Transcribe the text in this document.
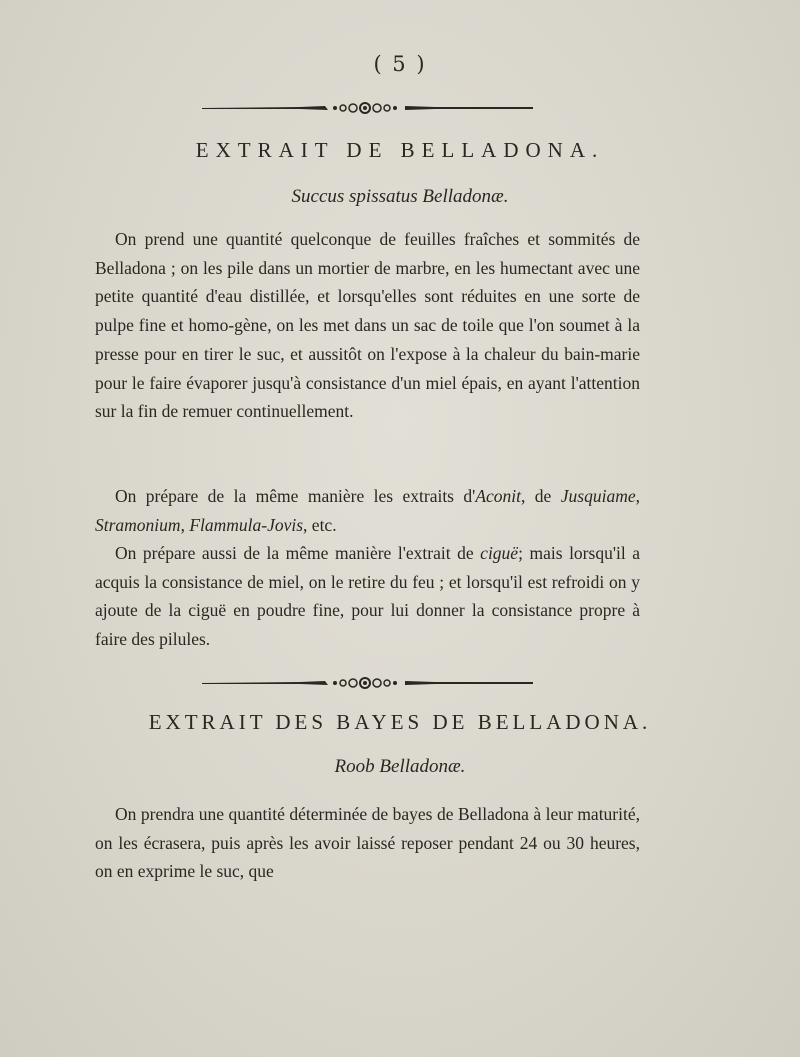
( 5 )
EXTRAIT DE BELLADONA.
Succus spissatus Belladonæ.
On prend une quantité quelconque de feuilles fraîches et sommités de Belladona ; on les pile dans un mortier de marbre, en les humectant avec une petite quantité d'eau distillée, et lorsqu'elles sont réduites en une sorte de pulpe fine et homo-gène, on les met dans un sac de toile que l'on soumet à la presse pour en tirer le suc, et aussitôt on l'expose à la chaleur du bain-marie pour le faire évaporer jusqu'à consistance d'un miel épais, en ayant l'attention sur la fin de remuer continuellement.
On prépare de la même manière les extraits d'Aconit, de Jusquiame, Stramonium, Flammula-Jovis, etc.
On prépare aussi de la même manière l'extrait de ciguë; mais lorsqu'il a acquis la consistance de miel, on le retire du feu ; et lorsqu'il est refroidi on y ajoute de la ciguë en poudre fine, pour lui donner la consistance propre à faire des pilules.
EXTRAIT DES BAYES DE BELLADONA.
Roob Belladonæ.
On prendra une quantité déterminée de bayes de Belladona à leur maturité, on les écrasera, puis après les avoir laissé reposer pendant 24 ou 30 heures, on en exprime le suc, que
